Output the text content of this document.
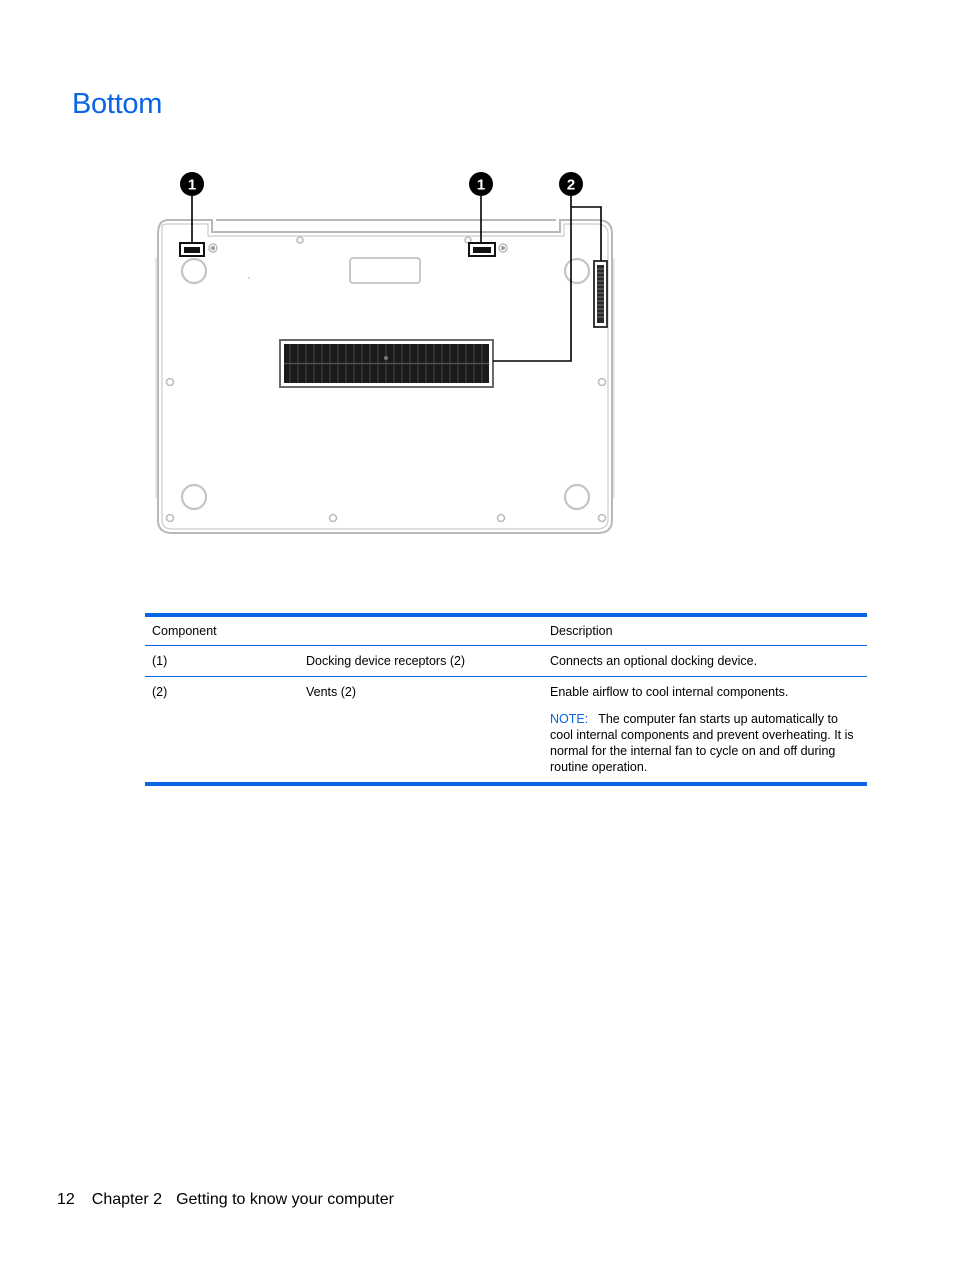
Bottom
1	1	2
Component		Description
(1)	Docking device receptors (2)	Connects an optional docking device.
(2)	Vents (2)	Enable airflow to cool internal components.
NOTE: The computer fan starts up automatically to cool internal components and prevent overheating. It is normal for the internal fan to cycle on and off during routine operation.
12 Chapter 2 Getting to know your computer
